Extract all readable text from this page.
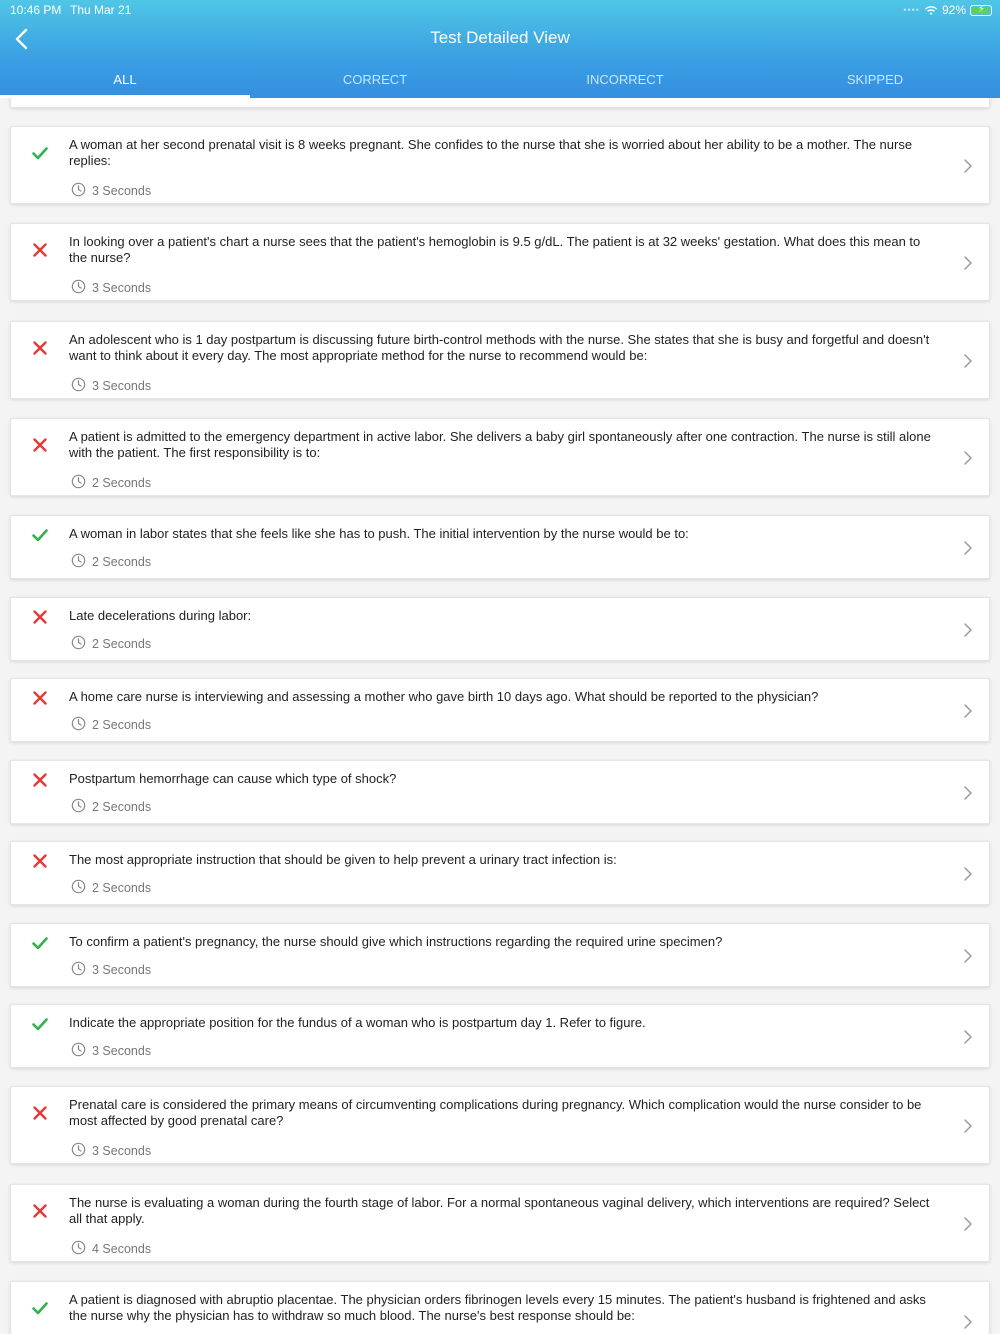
10:46 PM Thu Mar 21	•••• 92% ⚡
Test Detailed View
ALL	CORRECT	INCORRECT	SKIPPED
A woman at her second prenatal visit is 8 weeks pregnant. She confides to the nurse that she is worried about her ability to be a mother. The nurse replies:
3 Seconds
In looking over a patient's chart a nurse sees that the patient's hemoglobin is 9.5 g/dL. The patient is at 32 weeks' gestation. What does this mean to the nurse?
3 Seconds
An adolescent who is 1 day postpartum is discussing future birth-control methods with the nurse. She states that she is busy and forgetful and doesn't want to think about it every day. The most appropriate method for the nurse to recommend would be:
3 Seconds
A patient is admitted to the emergency department in active labor. She delivers a baby girl spontaneously after one contraction. The nurse is still alone with the patient. The first responsibility is to:
2 Seconds
A woman in labor states that she feels like she has to push. The initial intervention by the nurse would be to:
2 Seconds
Late decelerations during labor:
2 Seconds
A home care nurse is interviewing and assessing a mother who gave birth 10 days ago. What should be reported to the physician?
2 Seconds
Postpartum hemorrhage can cause which type of shock?
2 Seconds
The most appropriate instruction that should be given to help prevent a urinary tract infection is:
2 Seconds
To confirm a patient's pregnancy, the nurse should give which instructions regarding the required urine specimen?
3 Seconds
Indicate the appropriate position for the fundus of a woman who is postpartum day 1. Refer to figure.
3 Seconds
Prenatal care is considered the primary means of circumventing complications during pregnancy. Which complication would the nurse consider to be most affected by good prenatal care?
3 Seconds
The nurse is evaluating a woman during the fourth stage of labor. For a normal spontaneous vaginal delivery, which interventions are required? Select all that apply.
4 Seconds
A patient is diagnosed with abruptio placentae. The physician orders fibrinogen levels every 15 minutes. The patient's husband is frightened and asks the nurse why the physician has to withdraw so much blood. The nurse's best response should be:
